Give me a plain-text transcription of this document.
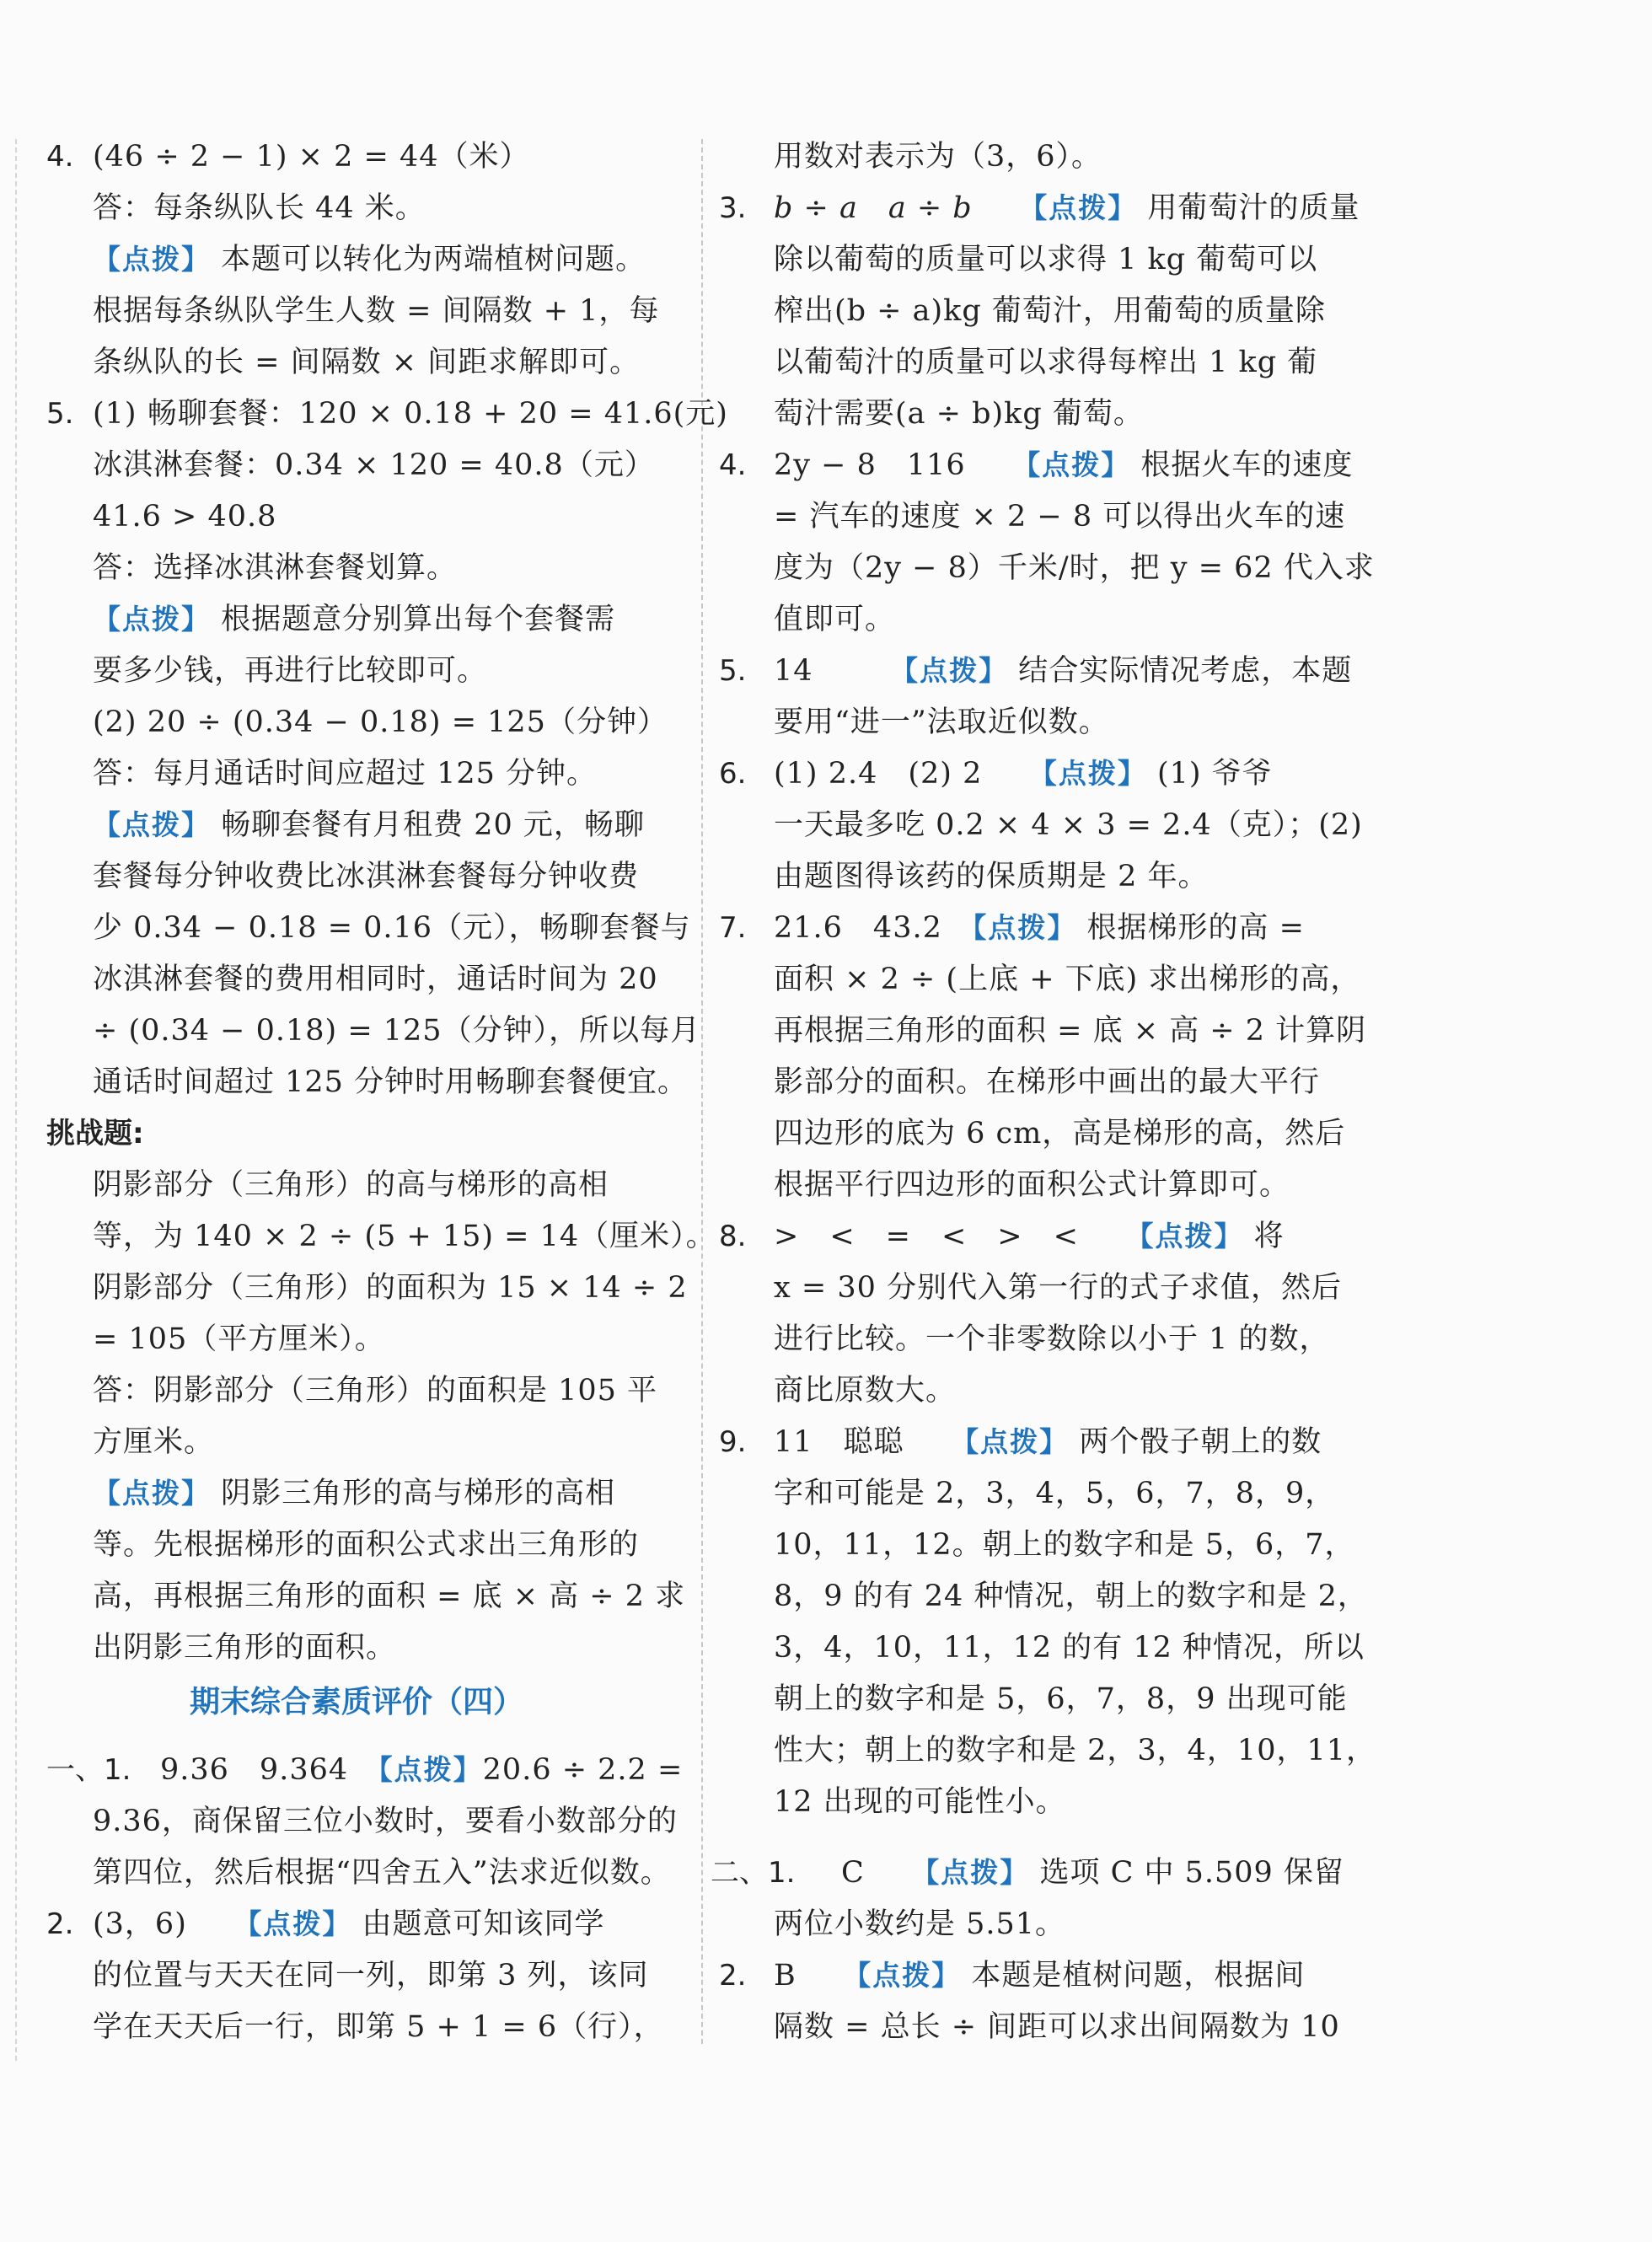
4. (46 ÷ 2 − 1) × 2 = 44（米）
答：每条纵队长 44 米。
【点拨】 本题可以转化为两端植树问题。
根据每条纵队学生人数 = 间隔数 + 1，每
条纵队的长 = 间隔数 × 间距求解即可。
5. (1) 畅聊套餐：120 × 0.18 + 20 = 41.6(元)
冰淇淋套餐：0.34 × 120 = 40.8（元）
41.6 > 40.8
答：选择冰淇淋套餐划算。
【点拨】 根据题意分别算出每个套餐需
要多少钱，再进行比较即可。
(2) 20 ÷ (0.34 − 0.18) = 125（分钟）
答：每月通话时间应超过 125 分钟。
【点拨】 畅聊套餐有月租费 20 元，畅聊
套餐每分钟收费比冰淇淋套餐每分钟收费
少 0.34 − 0.18 = 0.16（元），畅聊套餐与
冰淇淋套餐的费用相同时，通话时间为 20
÷ (0.34 − 0.18) = 125（分钟），所以每月
通话时间超过 125 分钟时用畅聊套餐便宜。
挑战题:
阴影部分（三角形）的高与梯形的高相
等，为 140 × 2 ÷ (5 + 15) = 14（厘米）。
阴影部分（三角形）的面积为 15 × 14 ÷ 2
= 105（平方厘米）。
答：阴影部分（三角形）的面积是 105 平
方厘米。
【点拨】 阴影三角形的高与梯形的高相
等。先根据梯形的面积公式求出三角形的
高，再根据三角形的面积 = 底 × 高 ÷ 2 求
出阴影三角形的面积。
期末综合素质评价（四）
一、1. 9.36　9.364　 【点拨】20.6 ÷ 2.2 =
9.36，商保留三位小数时，要看小数部分的
第四位，然后根据“四舍五入”法求近似数。
2. (3，6)　　 【点拨】 由题意可知该同学
的位置与天天在同一列，即第 3 列，该同
学在天天后一行，即第 5 + 1 = 6（行），
用数对表示为（3，6）。
3. b ÷ a　a ÷ b　　 【点拨】 用葡萄汁的质量
除以葡萄的质量可以求得 1 kg 葡萄可以
榨出(b ÷ a)kg 葡萄汁，用葡萄的质量除
以葡萄汁的质量可以求得每榨出 1 kg 葡
萄汁需要(a ÷ b)kg 葡萄。
4. 2y − 8　116　　 【点拨】 根据火车的速度
= 汽车的速度 × 2 − 8 可以得出火车的速
度为（2y − 8）千米/时，把 y = 62 代入求
值即可。
5. 14　　　	【点拨】 结合实际情况考虑，本题
要用“进一”法取近似数。
6. (1) 2.4　(2) 2　　 【点拨】 (1) 爷爷
一天最多吃 0.2 × 4 × 3 = 2.4（克）；(2)
由题图得该药的保质期是 2 年。
7. 21.6　43.2　 【点拨】 根据梯形的高 =
面积 × 2 ÷ (上底 + 下底) 求出梯形的高，
再根据三角形的面积 = 底 × 高 ÷ 2 计算阴
影部分的面积。在梯形中画出的最大平行
四边形的底为 6 cm，高是梯形的高，然后
根据平行四边形的面积公式计算即可。
8. >　<　=　<　>　<　　 【点拨】 将
x = 30 分别代入第一行的式子求值，然后
进行比较。一个非零数除以小于 1 的数，
商比原数大。
9. 11　聪聪　　 【点拨】 两个骰子朝上的数
字和可能是 2，3，4，5，6，7，8，9，
10，11，12。朝上的数字和是 5，6，7，
8，9 的有 24 种情况，朝上的数字和是 2，
3，4，10，11，12 的有 12 种情况，所以
朝上的数字和是 5，6，7，8，9 出现可能
性大；朝上的数字和是 2，3，4，10，11，
12 出现的可能性小。
二、1. C　　 【点拨】 选项 C 中 5.509 保留
两位小数约是 5.51。
2. B　　 【点拨】 本题是植树问题，根据间
隔数 = 总长 ÷ 间距可以求出间隔数为 10
